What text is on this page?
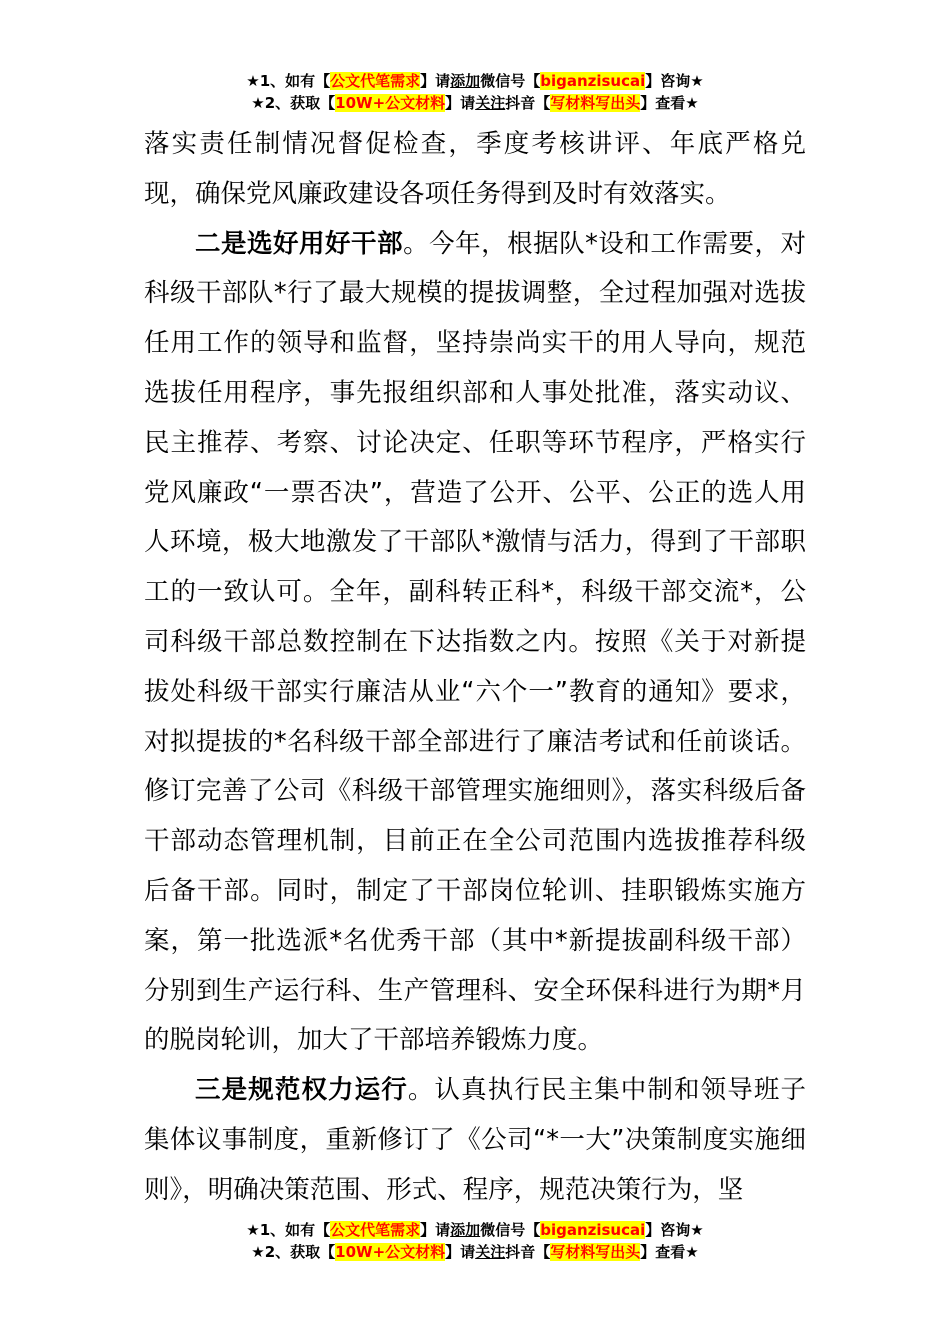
★1、如有【公文代笔需求】请添加微信号【biganzisucai】咨询★
★2、获取【10W+公文材料】请关注抖音【写材料写出头】查看★

落实责任制情况督促检查，季度考核讲评、年底严格兑现，确保党风廉政建设各项任务得到及时有效落实。

二是选好用好干部。今年，根据队*设和工作需要，对科级干部队*行了最大规模的提拔调整，全过程加强对选拔任用工作的领导和监督，坚持崇尚实干的用人导向，规范选拔任用程序，事先报组织部和人事处批准，落实动议、民主推荐、考察、讨论决定、任职等环节程序，严格实行党风廉政“一票否决”，营造了公开、公平、公正的选人用人环境，极大地激发了干部队*激情与活力，得到了干部职工的一致认可。全年，副科转正科*，科级干部交流*，公司科级干部总数控制在下达指数之内。按照《关于对新提拔处科级干部实行廉洁从业“六个一”教育的通知》要求，对拟提拔的*名科级干部全部进行了廉洁考试和任前谈话。修订完善了公司《科级干部管理实施细则》，落实科级后备干部动态管理机制，目前正在全公司范围内选拔推荐科级后备干部。同时，制定了干部岗位轮训、挂职锻炼实施方案，第一批选派*名优秀干部（其中*新提拔副科级干部）分别到生产运行科、生产管理科、安全环保科进行为期*月的脱岗轮训，加大了干部培养锻炼力度。

三是规范权力运行。认真执行民主集中制和领导班子集体议事制度，重新修订了《公司“*一大”决策制度实施细则》，明确决策范围、形式、程序，规范决策行为，坚

★1、如有【公文代笔需求】请添加微信号【biganzisucai】咨询★
★2、获取【10W+公文材料】请关注抖音【写材料写出头】查看★
